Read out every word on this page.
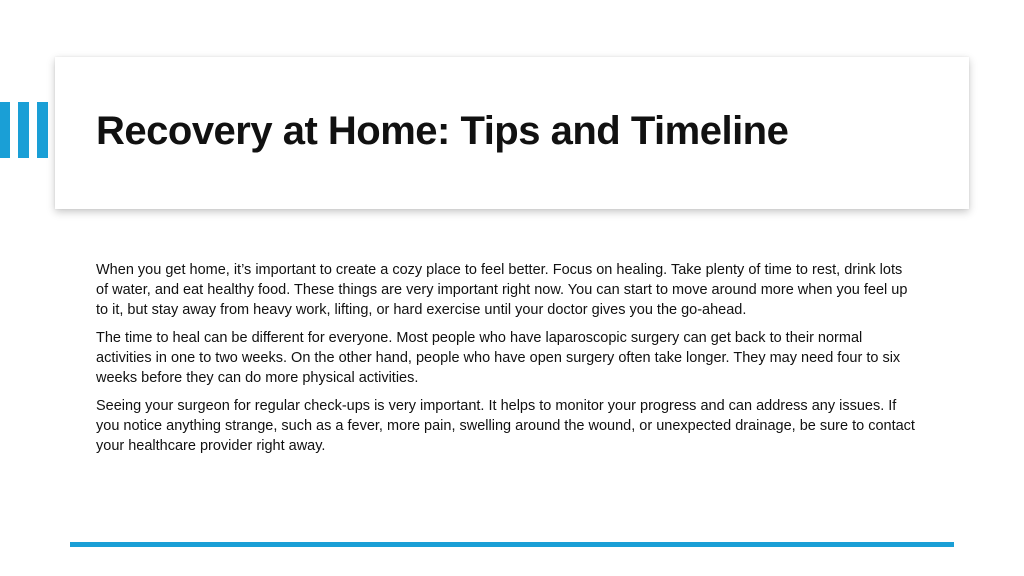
Recovery at Home: Tips and Timeline

When you get home, it’s important to create a cozy place to feel better. Focus on healing. Take plenty of time to rest, drink lots of water, and eat healthy food. These things are very important right now. You can start to move around more when you feel up to it, but stay away from heavy work, lifting, or hard exercise until your doctor gives you the go-ahead.

The time to heal can be different for everyone. Most people who have laparoscopic surgery can get back to their normal activities in one to two weeks. On the other hand, people who have open surgery often take longer. They may need four to six weeks before they can do more physical activities.

Seeing your surgeon for regular check-ups is very important. It helps to monitor your progress and can address any issues. If you notice anything strange, such as a fever, more pain, swelling around the wound, or unexpected drainage, be sure to contact your healthcare provider right away.
